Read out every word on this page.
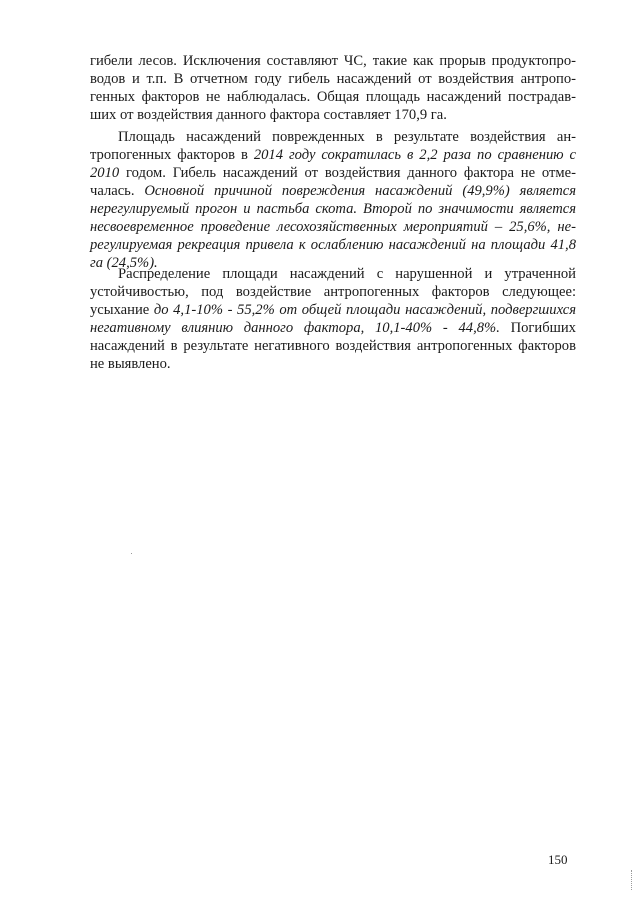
гибели лесов. Исключения составляют ЧС, такие как прорыв продуктопроводов и т.п. В отчетном году гибель насаждений от воздействия антропогенных факторов не наблюдалась. Общая площадь насаждений пострадавших от воздействия данного фактора составляет 170,9 га.

Площадь насаждений поврежденных в результате воздействия антропогенных факторов в 2014 году сократилась в 2,2 раза по сравнению с 2010 годом. Гибель насаждений от воздействия данного фактора не отмечалась. Основной причиной повреждения насаждений (49,9%) является нерегулируемый прогон и пастьба скота. Второй по значимости является несвоевременное проведение лесохозяйственных мероприятий – 25,6%, нерегулируемая рекреация привела к ослаблению насаждений на площади 41,8 га (24,5%).

Распределение площади насаждений с нарушенной и утраченной устойчивостью, под воздействие антропогенных факторов следующее: усыхание до 4,1-10% - 55,2% от общей площади насаждений, подвергшихся негативному влиянию данного фактора, 10,1-40% - 44,8%. Погибших насаждений в результате негативного воздействия антропогенных факторов не выявлено.

150
